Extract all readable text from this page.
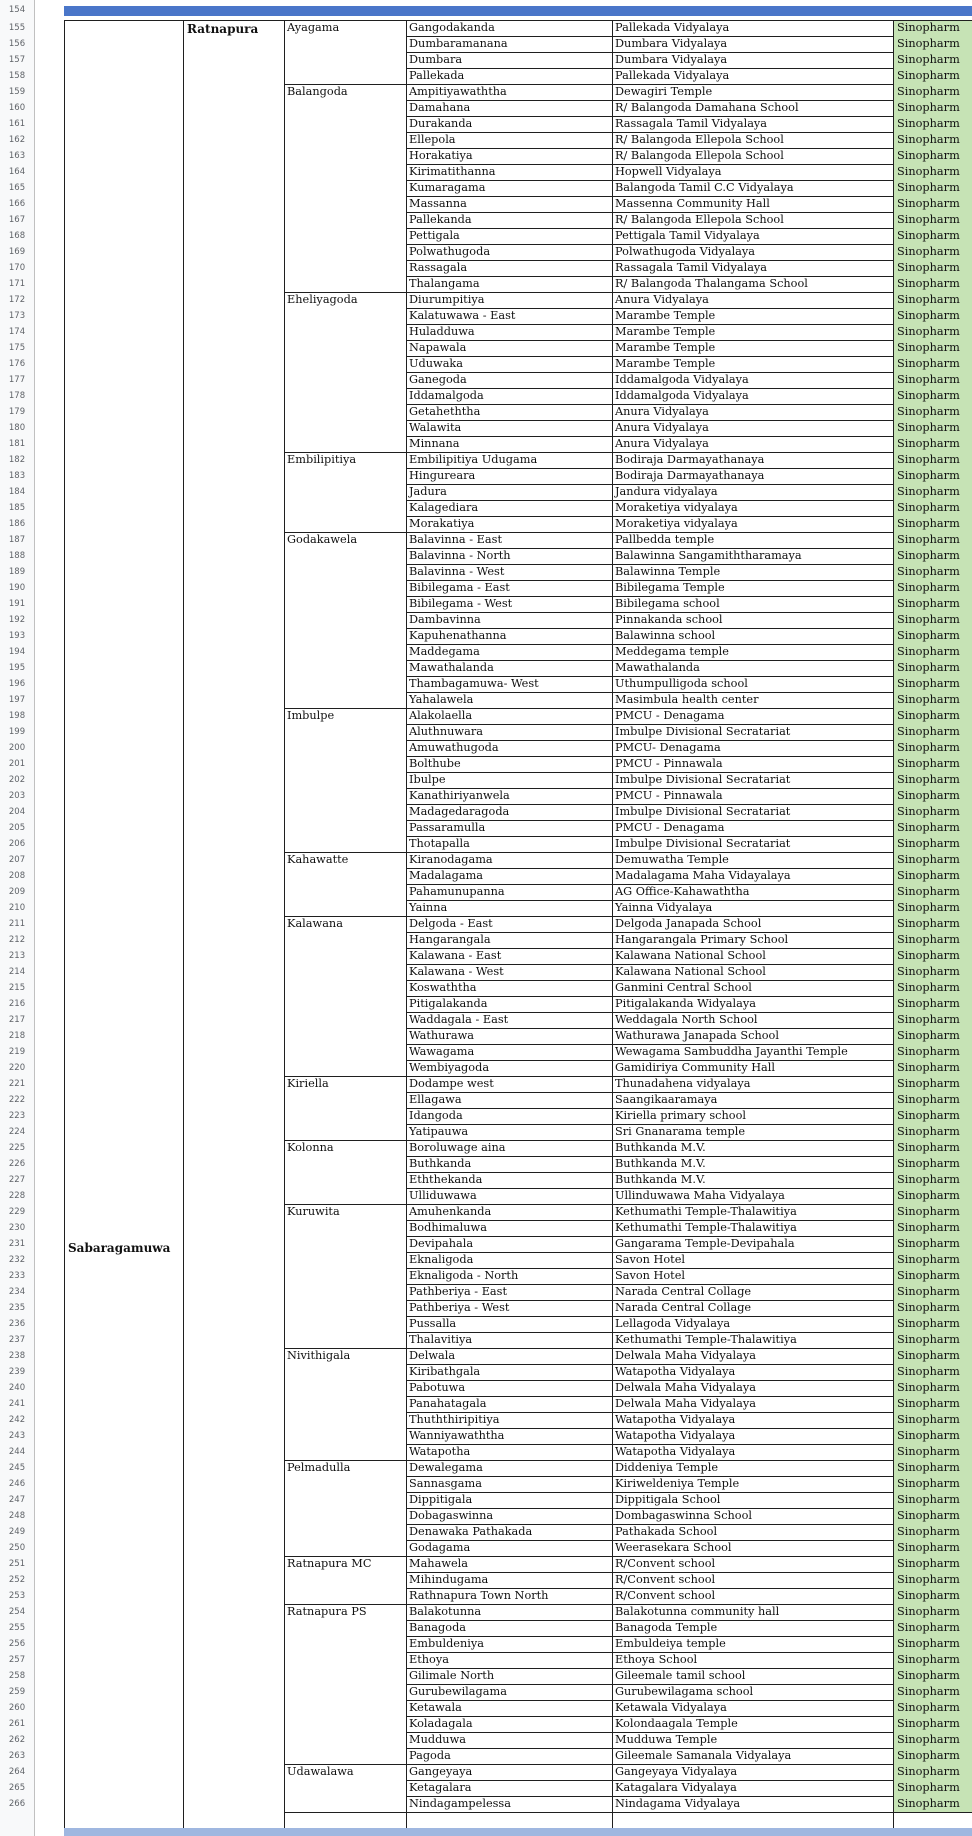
154
Sabaragamuwa
Ratnapura
155	Ayagama	Gangodakanda	Pallekada Vidyalaya	Sinopharm
156	Dumbaramanana	Dumbara Vidyalaya	Sinopharm
157	Dumbara	Dumbara Vidyalaya	Sinopharm
158	Pallekada	Pallekada Vidyalaya	Sinopharm
159	Balangoda	Ampitiyawaththa	Dewagiri Temple	Sinopharm
160	Damahana	R/ Balangoda Damahana School	Sinopharm
161	Durakanda	Rassagala Tamil Vidyalaya	Sinopharm
162	Ellepola	R/ Balangoda Ellepola School	Sinopharm
163	Horakatiya	R/ Balangoda Ellepola School	Sinopharm
164	Kirimatithanna	Hopwell Vidyalaya	Sinopharm
165	Kumaragama	Balangoda Tamil C.C Vidyalaya	Sinopharm
166	Massanna	Massenna Community Hall	Sinopharm
167	Pallekanda	R/ Balangoda Ellepola School	Sinopharm
168	Pettigala	Pettigala Tamil Vidyalaya	Sinopharm
169	Polwathugoda	Polwathugoda Vidyalaya	Sinopharm
170	Rassagala	Rassagala Tamil Vidyalaya	Sinopharm
171	Thalangama	R/ Balangoda Thalangama School	Sinopharm
172	Eheliyagoda	Diurumpitiya	Anura Vidyalaya	Sinopharm
173	Kalatuwawa - East	Marambe Temple	Sinopharm
174	Huladduwa	Marambe Temple	Sinopharm
175	Napawala	Marambe Temple	Sinopharm
176	Uduwaka	Marambe Temple	Sinopharm
177	Ganegoda	Iddamalgoda Vidyalaya	Sinopharm
178	Iddamalgoda	Iddamalgoda Vidyalaya	Sinopharm
179	Getaheththa	Anura Vidyalaya	Sinopharm
180	Walawita	Anura Vidyalaya	Sinopharm
181	Minnana	Anura Vidyalaya	Sinopharm
182	Embilipitiya	Embilipitiya Udugama	Bodiraja Darmayathanaya	Sinopharm
183	Hingureara	Bodiraja Darmayathanaya	Sinopharm
184	Jadura	Jandura vidyalaya	Sinopharm
185	Kalagediara	Moraketiya vidyalaya	Sinopharm
186	Morakatiya	Moraketiya vidyalaya	Sinopharm
187	Godakawela	Balavinna - East	Pallbedda temple	Sinopharm
188	Balavinna - North	Balawinna Sangamiththaramaya	Sinopharm
189	Balavinna - West	Balawinna Temple	Sinopharm
190	Bibilegama - East	Bibilegama Temple	Sinopharm
191	Bibilegama - West	Bibilegama school	Sinopharm
192	Dambavinna	Pinnakanda school	Sinopharm
193	Kapuhenathanna	Balawinna school	Sinopharm
194	Maddegama	Meddegama temple	Sinopharm
195	Mawathalanda	Mawathalanda	Sinopharm
196	Thambagamuwa- West	Uthumpulligoda school	Sinopharm
197	Yahalawela	Masimbula health center	Sinopharm
198	Imbulpe	Alakolaella	PMCU - Denagama	Sinopharm
199	Aluthnuwara	Imbulpe Divisional Secratariat	Sinopharm
200	Amuwathugoda	PMCU- Denagama	Sinopharm
201	Bolthube	PMCU - Pinnawala	Sinopharm
202	Ibulpe	Imbulpe Divisional Secratariat	Sinopharm
203	Kanathiriyanwela	PMCU - Pinnawala	Sinopharm
204	Madagedaragoda	Imbulpe Divisional Secratariat	Sinopharm
205	Passaramulla	PMCU - Denagama	Sinopharm
206	Thotapalla	Imbulpe Divisional Secratariat	Sinopharm
207	Kahawatte	Kiranodagama	Demuwatha Temple	Sinopharm
208	Madalagama	Madalagama Maha Vidayalaya	Sinopharm
209	Pahamunupanna	AG Office-Kahawaththa	Sinopharm
210	Yainna	Yainna Vidyalaya	Sinopharm
211	Kalawana	Delgoda - East	Delgoda Janapada School	Sinopharm
212	Hangarangala	Hangarangala Primary School	Sinopharm
213	Kalawana - East	Kalawana National School	Sinopharm
214	Kalawana - West	Kalawana National School	Sinopharm
215	Koswaththa	Ganmini Central School	Sinopharm
216	Pitigalakanda	Pitigalakanda Widyalaya	Sinopharm
217	Waddagala - East	Weddagala North School	Sinopharm
218	Wathurawa	Wathurawa Janapada School	Sinopharm
219	Wawagama	Wewagama Sambuddha Jayanthi Temple	Sinopharm
220	Wembiyagoda	Gamidiriya Community Hall	Sinopharm
221	Kiriella	Dodampe west	Thunadahena vidyalaya	Sinopharm
222	Ellagawa	Saangikaaramaya	Sinopharm
223	Idangoda	Kiriella primary school	Sinopharm
224	Yatipauwa	Sri Gnanarama temple	Sinopharm
225	Kolonna	Boroluwage aina	Buthkanda M.V.	Sinopharm
226	Buthkanda	Buthkanda M.V.	Sinopharm
227	Eththekanda	Buthkanda M.V.	Sinopharm
228	Ulliduwawa	Ullinduwawa Maha Vidyalaya	Sinopharm
229	Kuruwita	Amuhenkanda	Kethumathi Temple-Thalawitiya	Sinopharm
230	Bodhimaluwa	Kethumathi Temple-Thalawitiya	Sinopharm
231	Devipahala	Gangarama Temple-Devipahala	Sinopharm
232	Eknaligoda	Savon Hotel	Sinopharm
233	Eknaligoda - North	Savon Hotel	Sinopharm
234	Pathberiya - East	Narada Central Collage	Sinopharm
235	Pathberiya - West	Narada Central Collage	Sinopharm
236	Pussalla	Lellagoda Vidyalaya	Sinopharm
237	Thalavitiya	Kethumathi Temple-Thalawitiya	Sinopharm
238	Nivithigala	Delwala	Delwala Maha Vidyalaya	Sinopharm
239	Kiribathgala	Watapotha Vidyalaya	Sinopharm
240	Pabotuwa	Delwala Maha Vidyalaya	Sinopharm
241	Panahatagala	Delwala Maha Vidyalaya	Sinopharm
242	Thuththiripitiya	Watapotha Vidyalaya	Sinopharm
243	Wanniyawaththa	Watapotha Vidyalaya	Sinopharm
244	Watapotha	Watapotha Vidyalaya	Sinopharm
245	Pelmadulla	Dewalegama	Diddeniya Temple	Sinopharm
246	Sannasgama	Kiriweldeniya Temple	Sinopharm
247	Dippitigala	Dippitigala School	Sinopharm
248	Dobagaswinna	Dombagaswinna School	Sinopharm
249	Denawaka Pathakada	Pathakada School	Sinopharm
250	Godagama	Weerasekara School	Sinopharm
251	Ratnapura MC	Mahawela	R/Convent school	Sinopharm
252	Mihindugama	R/Convent school	Sinopharm
253	Rathnapura Town North	R/Convent school	Sinopharm
254	Ratnapura PS	Balakotunna	Balakotunna community hall	Sinopharm
255	Banagoda	Banagoda Temple	Sinopharm
256	Embuldeniya	Embuldeiya temple	Sinopharm
257	Ethoya	Ethoya School	Sinopharm
258	Gilimale North	Gileemale tamil school	Sinopharm
259	Gurubewilagama	Gurubewilagama school	Sinopharm
260	Ketawala	Ketawala Vidyalaya	Sinopharm
261	Koladagala	Kolondaagala Temple	Sinopharm
262	Mudduwa	Mudduwa Temple	Sinopharm
263	Pagoda	Gileemale Samanala Vidyalaya	Sinopharm
264	Udawalawa	Gangeyaya	Gangeyaya Vidyalaya	Sinopharm
265	Ketagalara	Katagalara Vidyalaya	Sinopharm
266	Nindagampelessa	Nindagama Vidyalaya	Sinopharm
